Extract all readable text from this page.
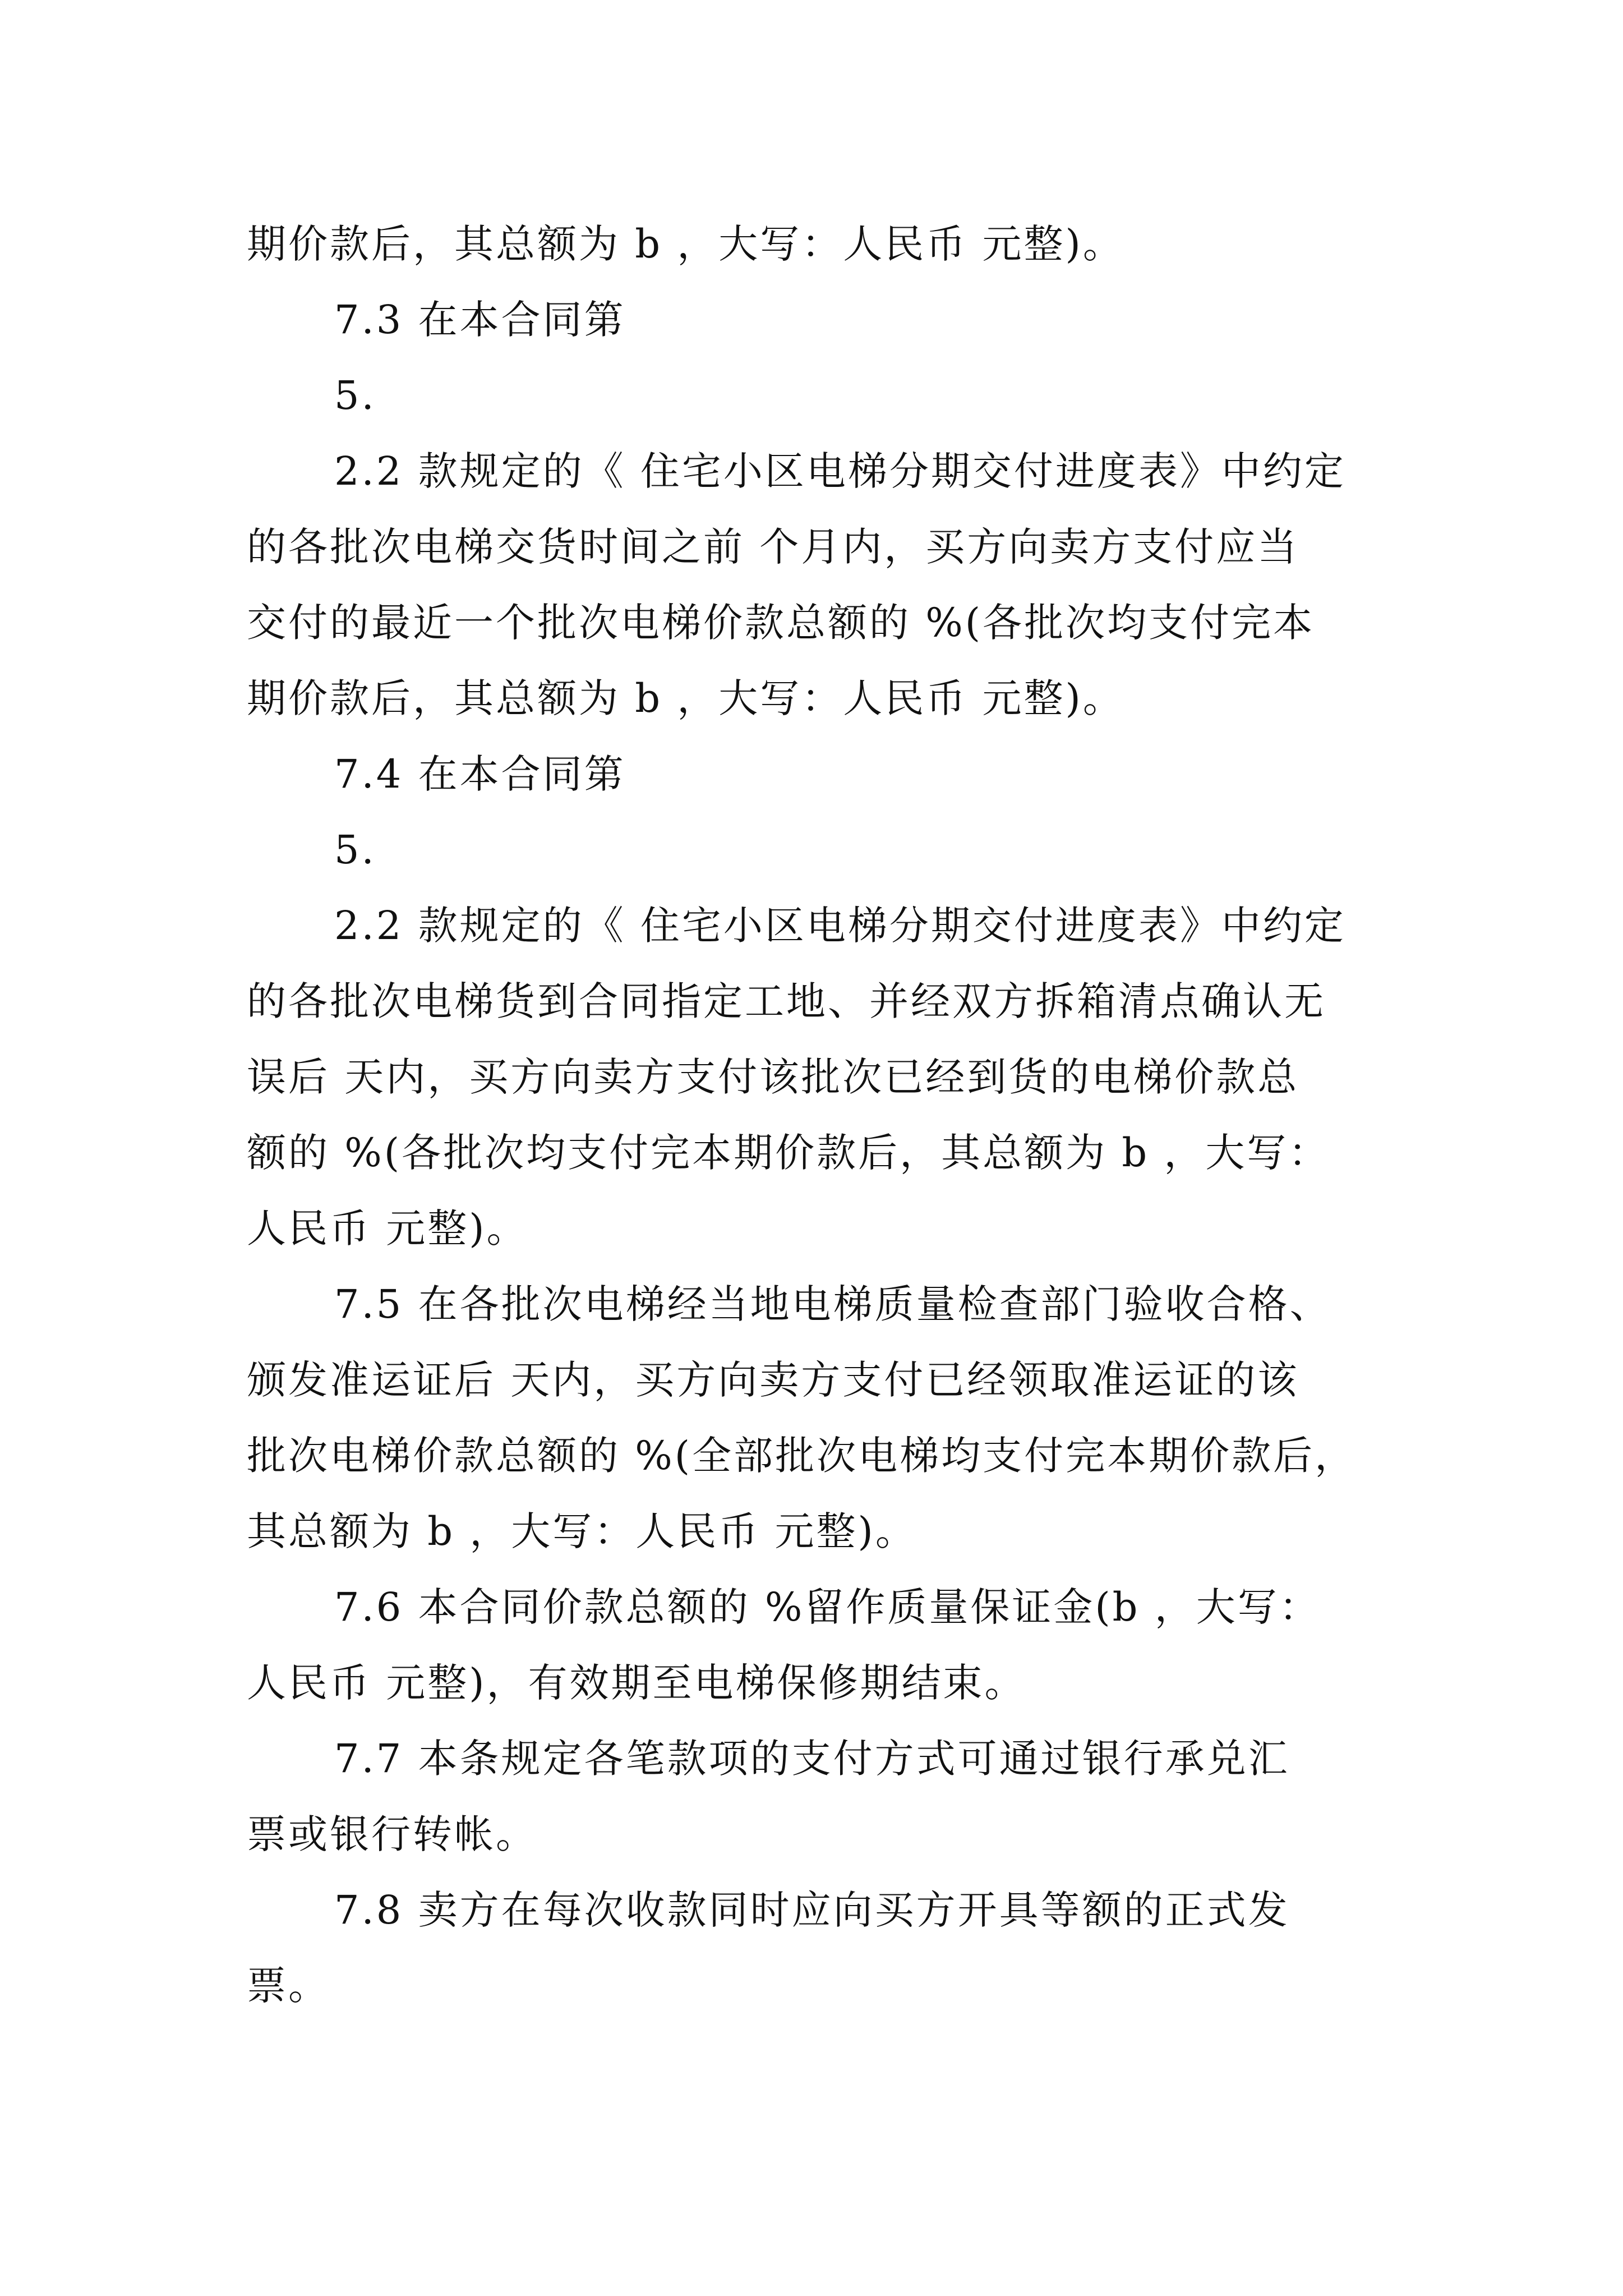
期价款后，其总额为 b ，大写：人民币 元整)。
7.3 在本合同第
5.
2.2 款规定的《 住宅小区电梯分期交付进度表》中约定
的各批次电梯交货时间之前 个月内，买方向卖方支付应当
交付的最近一个批次电梯价款总额的 %(各批次均支付完本
期价款后，其总额为 b ，大写：人民币 元整)。
7.4 在本合同第
5.
2.2 款规定的《 住宅小区电梯分期交付进度表》中约定
的各批次电梯货到合同指定工地、并经双方拆箱清点确认无
误后 天内，买方向卖方支付该批次已经到货的电梯价款总
额的 %(各批次均支付完本期价款后，其总额为 b ，大写：
人民币 元整)。
7.5 在各批次电梯经当地电梯质量检查部门验收合格、
颁发准运证后 天内，买方向卖方支付已经领取准运证的该
批次电梯价款总额的 %(全部批次电梯均支付完本期价款后，
其总额为 b ，大写：人民币 元整)。
7.6 本合同价款总额的 %留作质量保证金(b ，大写：
人民币 元整)，有效期至电梯保修期结束。
7.7 本条规定各笔款项的支付方式可通过银行承兑汇
票或银行转帐。
7.8 卖方在每次收款同时应向买方开具等额的正式发
票。
